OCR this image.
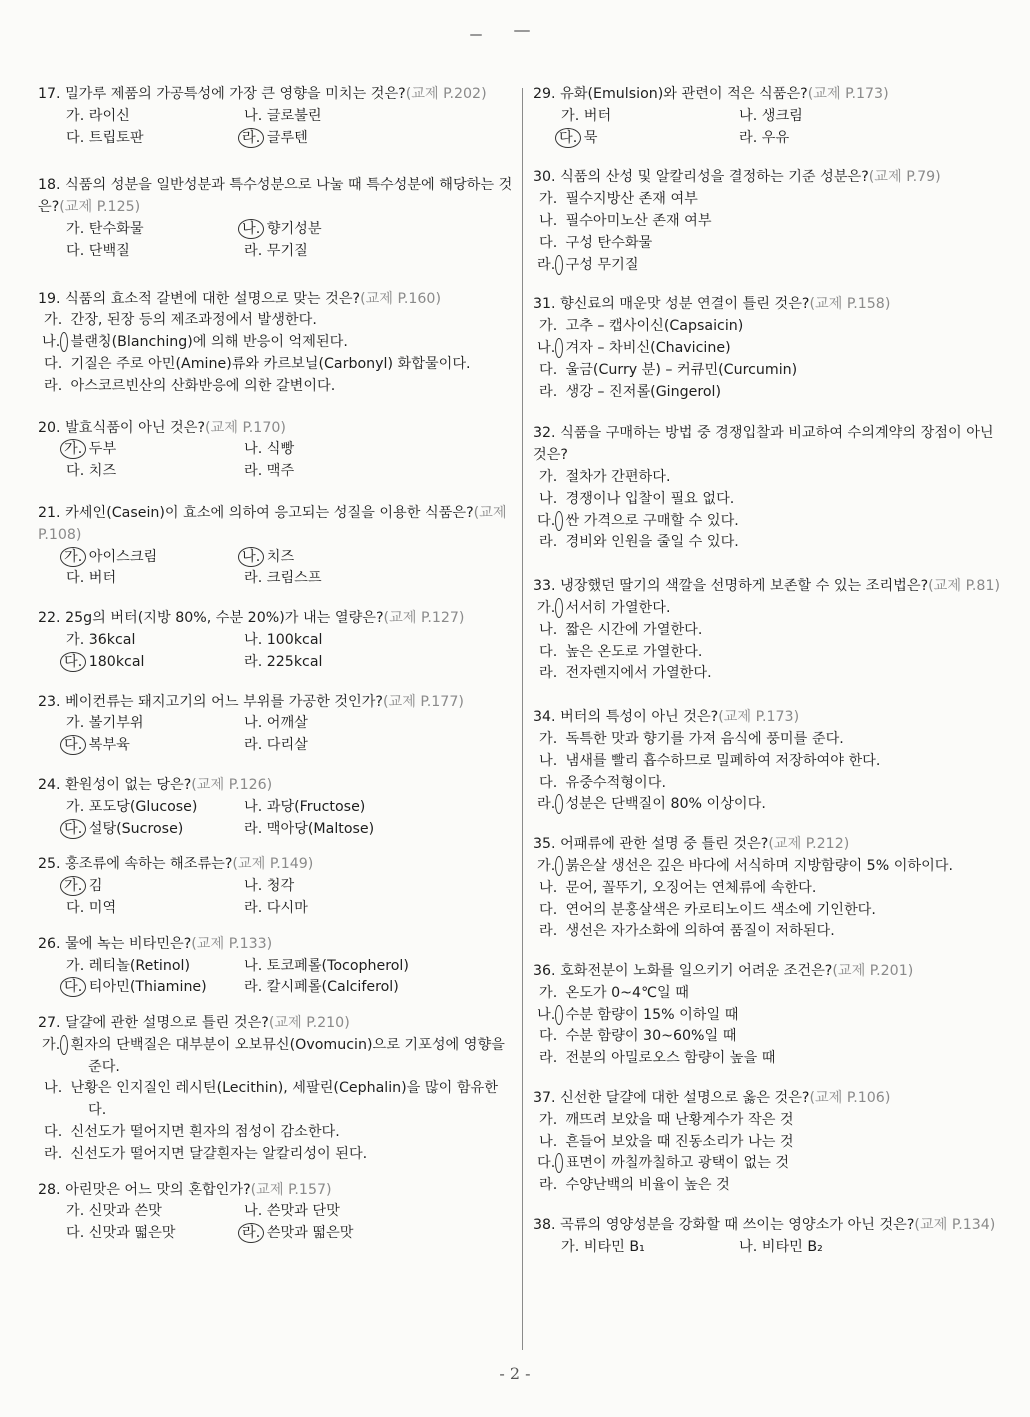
17. 밀가루 제품의 가공특성에 가장 큰 영향을 미치는 것은?(교제 P.202)
가. 라이신	나. 글로불린
다. 트립토판	라. 글루텐
18. 식품의 성분을 일반성분과 특수성분으로 나눌 때 특수성분에 해당하는 것은?(교제 P.125)
가. 탄수화물	나. 향기성분
다. 단백질	라. 무기질
19. 식품의 효소적 갈변에 대한 설명으로 맞는 것은?(교제 P.160)
가. 간장, 된장 등의 제조과정에서 발생한다.
나. 블랜칭(Blanching)에 의해 반응이 억제된다.
다. 기질은 주로 아민(Amine)류와 카르보닐(Carbonyl) 화합물이다.
라. 아스코르빈산의 산화반응에 의한 갈변이다.
20. 발효식품이 아닌 것은?(교제 P.170)
가. 두부	나. 식빵
다. 치즈	라. 맥주
21. 카세인(Casein)이 효소에 의하여 응고되는 성질을 이용한 식품은?(교제 P.108)
가. 아이스크림	나. 치즈
다. 버터	라. 크림스프
22. 25g의 버터(지방 80%, 수분 20%)가 내는 열량은?(교제 P.127)
가. 36kcal	나. 100kcal
다. 180kcal	라. 225kcal
23. 베이컨류는 돼지고기의 어느 부위를 가공한 것인가?(교제 P.177)
가. 볼기부위	나. 어깨살
다. 복부육	라. 다리살
24. 환원성이 없는 당은?(교제 P.126)
가. 포도당(Glucose)	나. 과당(Fructose)
다. 설탕(Sucrose)	라. 맥아당(Maltose)
25. 홍조류에 속하는 해조류는?(교제 P.149)
가. 김	나. 청각
다. 미역	라. 다시마
26. 물에 녹는 비타민은?(교제 P.133)
가. 레티놀(Retinol)	나. 토코페롤(Tocopherol)
다. 티아민(Thiamine)	라. 칼시페롤(Calciferol)
27. 달걀에 관한 설명으로 틀린 것은?(교제 P.210)
가. 흰자의 단백질은 대부분이 오보뮤신(Ovomucin)으로 기포성에 영향을 준다.
나. 난황은 인지질인 레시틴(Lecithin), 세팔린(Cephalin)을 많이 함유한다.
다. 신선도가 떨어지면 흰자의 점성이 감소한다.
라. 신선도가 떨어지면 달걀흰자는 알칼리성이 된다.
28. 아린맛은 어느 맛의 혼합인가?(교제 P.157)
가. 신맛과 쓴맛	나. 쓴맛과 단맛
다. 신맛과 떫은맛	라. 쓴맛과 떫은맛
29. 유화(Emulsion)와 관련이 적은 식품은?(교제 P.173)
가. 버터	나. 생크림
다. 묵	라. 우유
30. 식품의 산성 및 알칼리성을 결정하는 기준 성분은?(교제 P.79)
가. 필수지방산 존재 여부
나. 필수아미노산 존재 여부
다. 구성 탄수화물
라. 구성 무기질
31. 향신료의 매운맛 성분 연결이 틀린 것은?(교제 P.158)
가. 고추 – 캡사이신(Capsaicin)
나. 겨자 – 차비신(Chavicine)
다. 울금(Curry 분) – 커큐민(Curcumin)
라. 생강 – 진저롤(Gingerol)
32. 식품을 구매하는 방법 중 경쟁입찰과 비교하여 수의계약의 장점이 아닌 것은?
가. 절차가 간편하다.
나. 경쟁이나 입찰이 필요 없다.
다. 싼 가격으로 구매할 수 있다.
라. 경비와 인원을 줄일 수 있다.
33. 냉장했던 딸기의 색깔을 선명하게 보존할 수 있는 조리법은?(교제 P.81)
가. 서서히 가열한다.
나. 짧은 시간에 가열한다.
다. 높은 온도로 가열한다.
라. 전자렌지에서 가열한다.
34. 버터의 특성이 아닌 것은?(교제 P.173)
가. 독특한 맛과 향기를 가져 음식에 풍미를 준다.
나. 냄새를 빨리 흡수하므로 밀폐하여 저장하여야 한다.
다. 유중수적형이다.
라. 성분은 단백질이 80% 이상이다.
35. 어패류에 관한 설명 중 틀린 것은?(교제 P.212)
가. 붉은살 생선은 깊은 바다에 서식하며 지방함량이 5% 이하이다.
나. 문어, 꼴뚜기, 오징어는 연체류에 속한다.
다. 연어의 분홍살색은 카로티노이드 색소에 기인한다.
라. 생선은 자가소화에 의하여 품질이 저하된다.
36. 호화전분이 노화를 일으키기 어려운 조건은?(교제 P.201)
가. 온도가 0~4℃일 때
나. 수분 함량이 15% 이하일 때
다. 수분 함량이 30~60%일 때
라. 전분의 아밀로오스 함량이 높을 때
37. 신선한 달걀에 대한 설명으로 옳은 것은?(교제 P.106)
가. 깨뜨려 보았을 때 난황계수가 작은 것
나. 흔들어 보았을 때 진동소리가 나는 것
다. 표면이 까칠까칠하고 광택이 없는 것
라. 수양난백의 비율이 높은 것
38. 곡류의 영양성분을 강화할 때 쓰이는 영양소가 아닌 것은?(교제 P.134)
가. 비타민 B₁	나. 비타민 B₂
- 2 -
